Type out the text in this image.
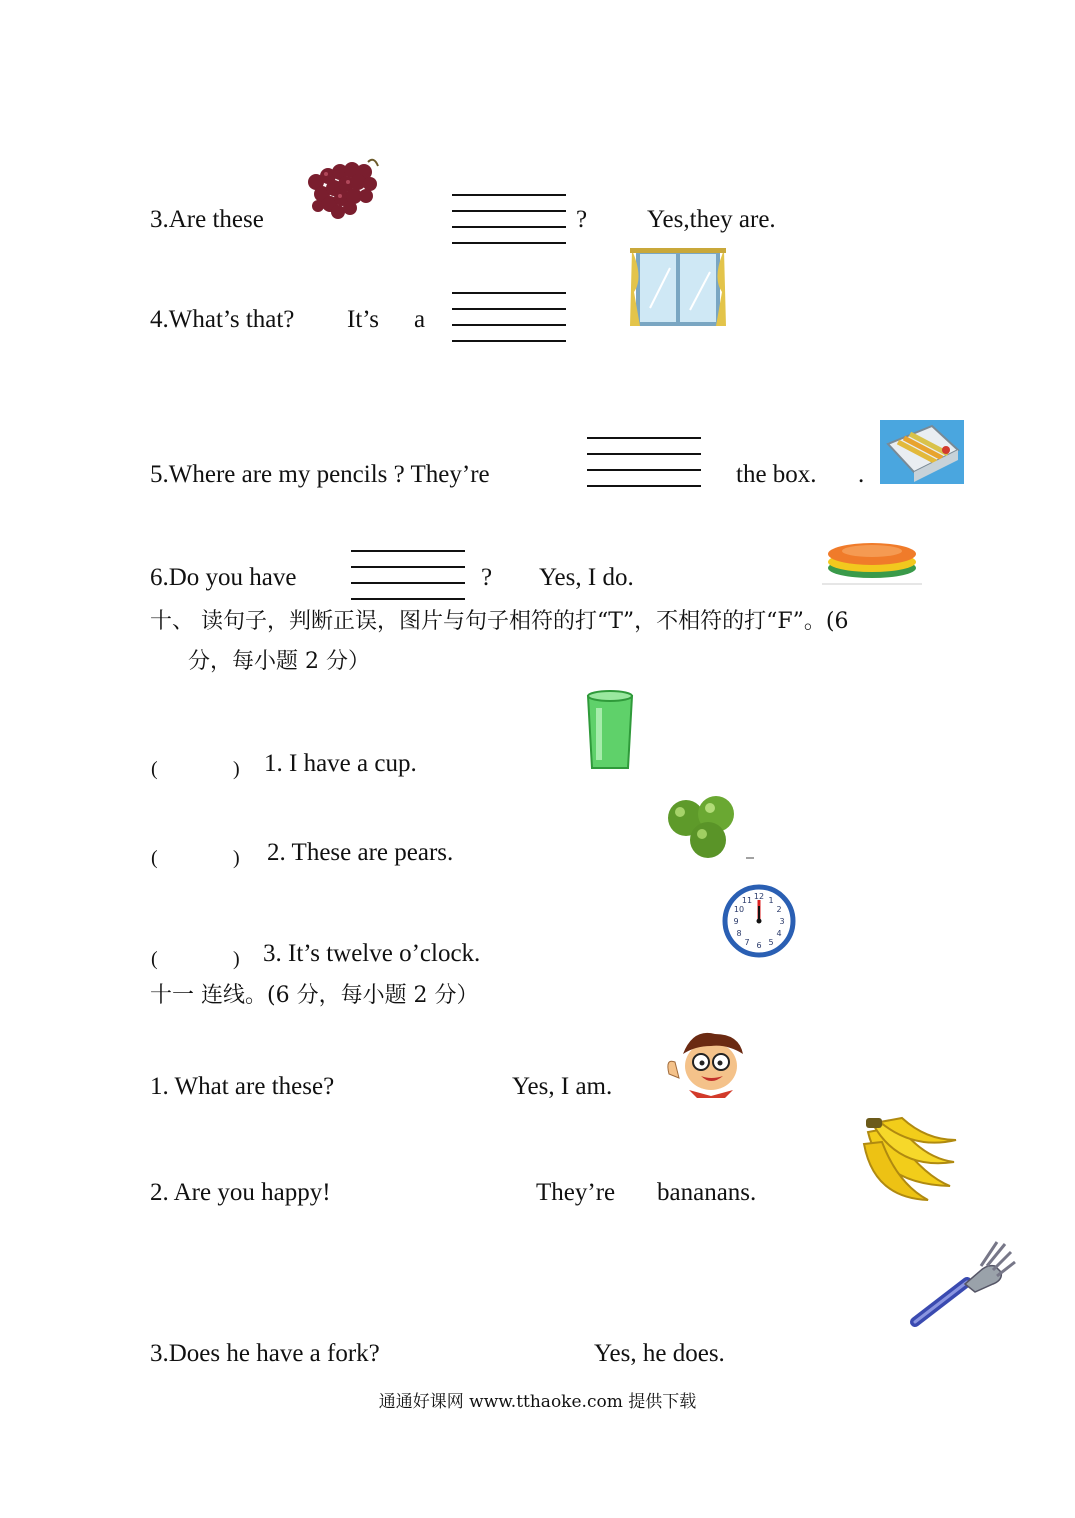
3.Are these	? Yes,they are.
4.What’s that? It’s a
5.Where are my pencils ? They’re	the box. .
6.Do you have	? Yes, I do.
十、 读句子，判断正误，图片与句子相符的打“T”，不相符的打“F”。(6
分，每小题 2 分）
(	) 1. I have a cup.
(	) 2. These are pears.
(	) 3. It’s twelve o’clock.
12
3
6
9
1
2
4
5
7
8
10
11
十一 连线。(6 分，每小题 2 分）
1. What are these?	Yes, I am.
2. Are you happy!	They’re bananans.
3.Does he have a fork?	Yes, he does.
通通好课网 www.tthaoke.com 提供下载
